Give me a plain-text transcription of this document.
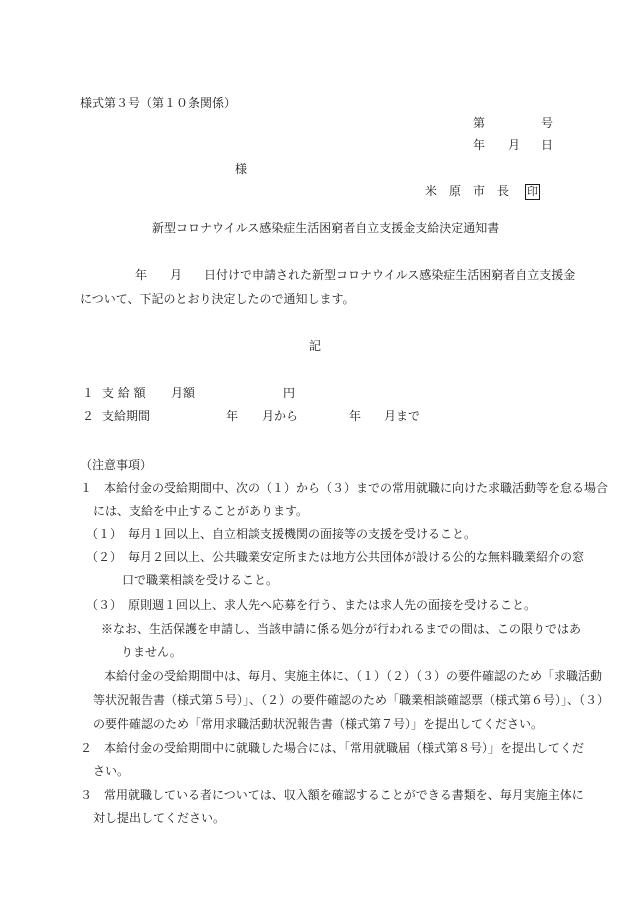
様式第３号（第１０条関係）
第	号
年 月 日
様
米　原　市　長 印
新型コロナウイルス感染症生活困窮者自立支援金支給決定通知書
年 月 日付けで申請された新型コロナウイルス感染症生活困窮者自立支援金
について、下記のとおり決定したので通知します。
記
１ 支 給 額 月額	円
２ 支給期間	年 月から	年 月まで
（注意事項）
１　本給付金の受給期間中、次の（１）から（３）までの常用就職に向けた求職活動等を怠る場合
には、支給を中止することがあります。
（１）　毎月１回以上、自立相談支援機関の面接等の支援を受けること。
（２）　毎月２回以上、公共職業安定所または地方公共団体が設ける公的な無料職業紹介の窓
口で職業相談を受けること。
（３）　原則週１回以上、求人先へ応募を行う、または求人先の面接を受けること。
※なお、生活保護を申請し、当該申請に係る処分が行われるまでの間は、この限りではあ
りません。
本給付金の受給期間中は、毎月、実施主体に、（１）（２）（３）の要件確認のため「求職活動
等状況報告書（様式第５号）」、（２）の要件確認のため「職業相談確認票（様式第６号）」、（３）
の要件確認のため「常用求職活動状況報告書（様式第７号）」を提出してください。
２　本給付金の受給期間中に就職した場合には、「常用就職届（様式第８号）」を提出してくだ
さい。
３　常用就職している者については、収入額を確認することができる書類を、毎月実施主体に
対し提出してください。
